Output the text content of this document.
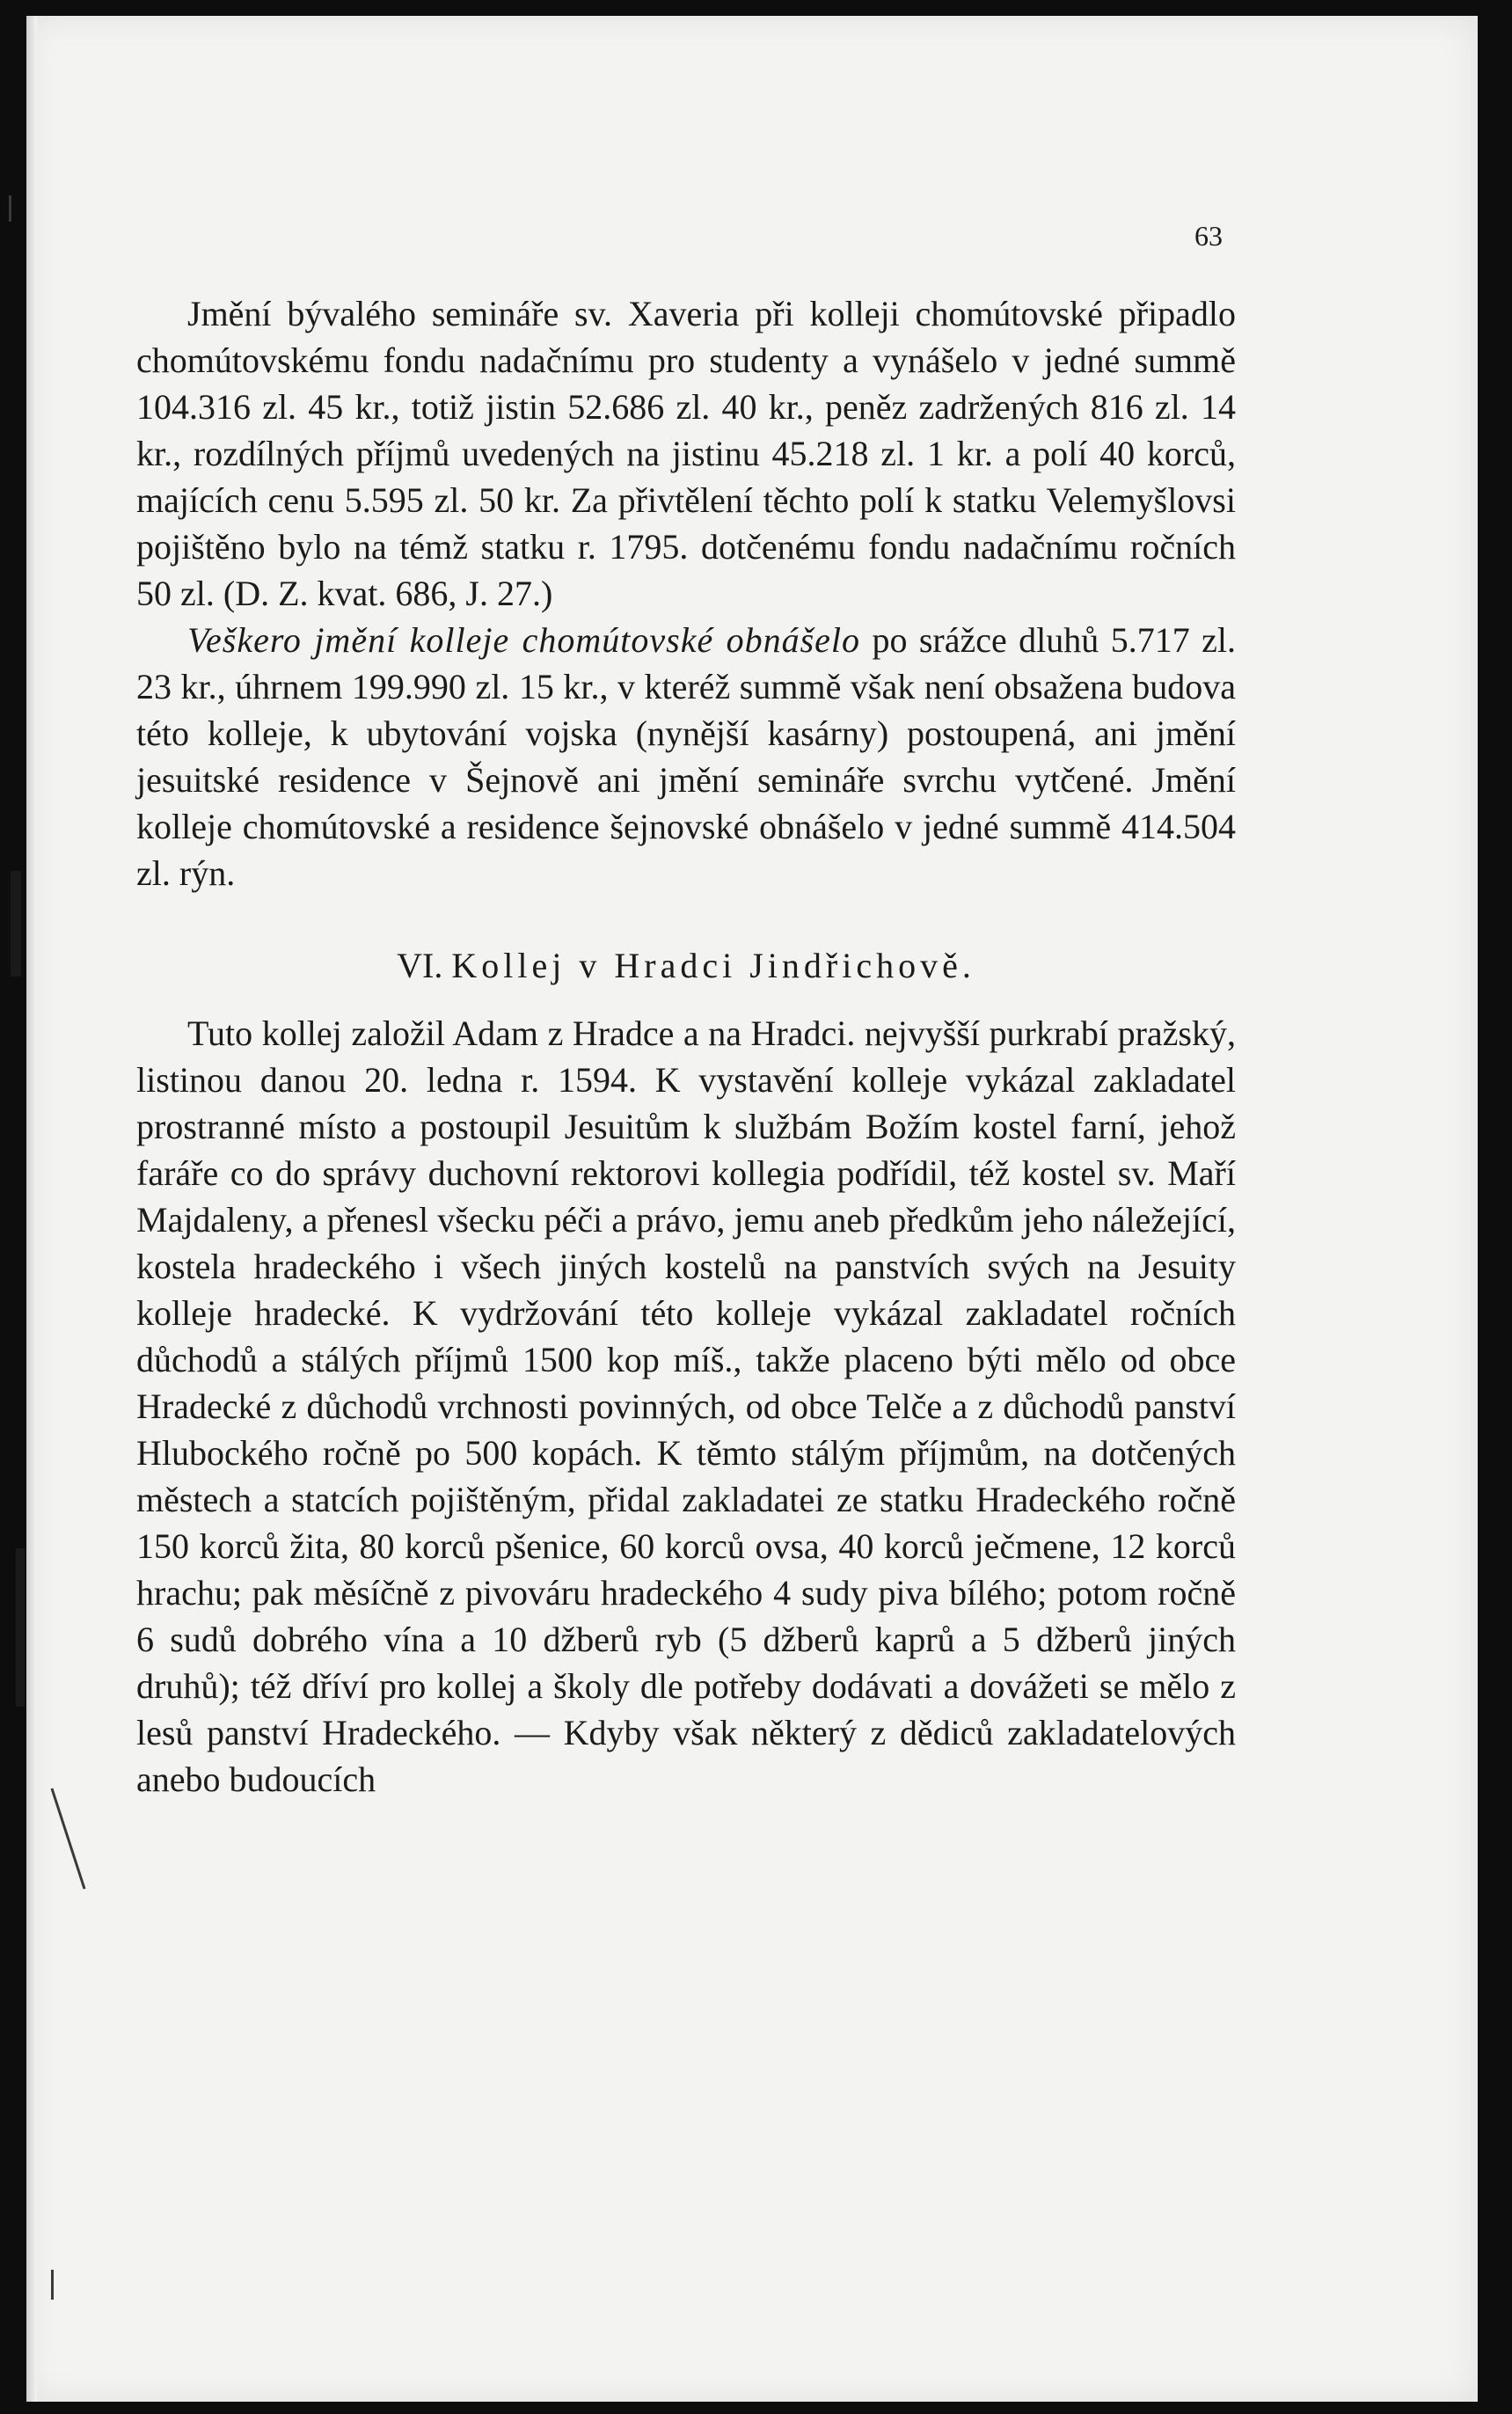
63

Jmění bývalého semináře sv. Xaveria při kolleji chomútovské připadlo chomútovskému fondu nadačnímu pro studenty a vynášelo v jedné summě 104.316 zl. 45 kr., totiž jistin 52.686 zl. 40 kr., peněz zadržených 816 zl. 14 kr., rozdílných příjmů uvedených na jistinu 45.218 zl. 1 kr. a polí 40 korců, majících cenu 5.595 zl. 50 kr. Za přivtělení těchto polí k statku Velemyšlovsi pojištěno bylo na témž statku r. 1795. dotčenému fondu nadačnímu ročních 50 zl. (D. Z. kvat. 686, J. 27.)

Veškero jmění kolleje chomútovské obnášelo po srážce dluhů 5.717 zl. 23 kr., úhrnem 199.990 zl. 15 kr., v kteréž summě však není obsažena budova této kolleje, k ubytování vojska (nynější kasárny) postoupená, ani jmění jesuitské residence v Šejnově ani jmění semináře svrchu vytčené. Jmění kolleje chomútovské a residence šejnovské obnášelo v jedné summě 414.504 zl. rýn.

VI. Kollej v Hradci Jindřichově.

Tuto kollej založil Adam z Hradce a na Hradci. nejvyšší purkrabí pražský, listinou danou 20. ledna r. 1594. K vystavění kolleje vykázal zakladatel prostranné místo a postoupil Jesuitům k službám Božím kostel farní, jehož faráře co do správy duchovní rektorovi kollegia podřídil, též kostel sv. Maří Majdaleny, a přenesl všecku péči a právo, jemu aneb předkům jeho náležející, kostela hradeckého i všech jiných kostelů na panstvích svých na Jesuity kolleje hradecké. K vydržování této kolleje vykázal zakladatel ročních důchodů a stálých příjmů 1500 kop míš., takže placeno býti mělo od obce Hradecké z důchodů vrchnosti povinných, od obce Telče a z důchodů panství Hlubockého ročně po 500 kopách. K těmto stálým příjmům, na dotčených městech a statcích pojištěným, přidal zakladatei ze statku Hradeckého ročně 150 korců žita, 80 korců pšenice, 60 korců ovsa, 40 korců ječmene, 12 korců hrachu; pak měsíčně z pivováru hradeckého 4 sudy piva bílého; potom ročně 6 sudů dobrého vína a 10 džberů ryb (5 džberů kaprů a 5 džberů jiných druhů); též dříví pro kollej a školy dle potřeby dodávati a dovážeti se mělo z lesů panství Hradeckého. — Kdyby však některý z dědiců zakladatelových anebo budoucích
